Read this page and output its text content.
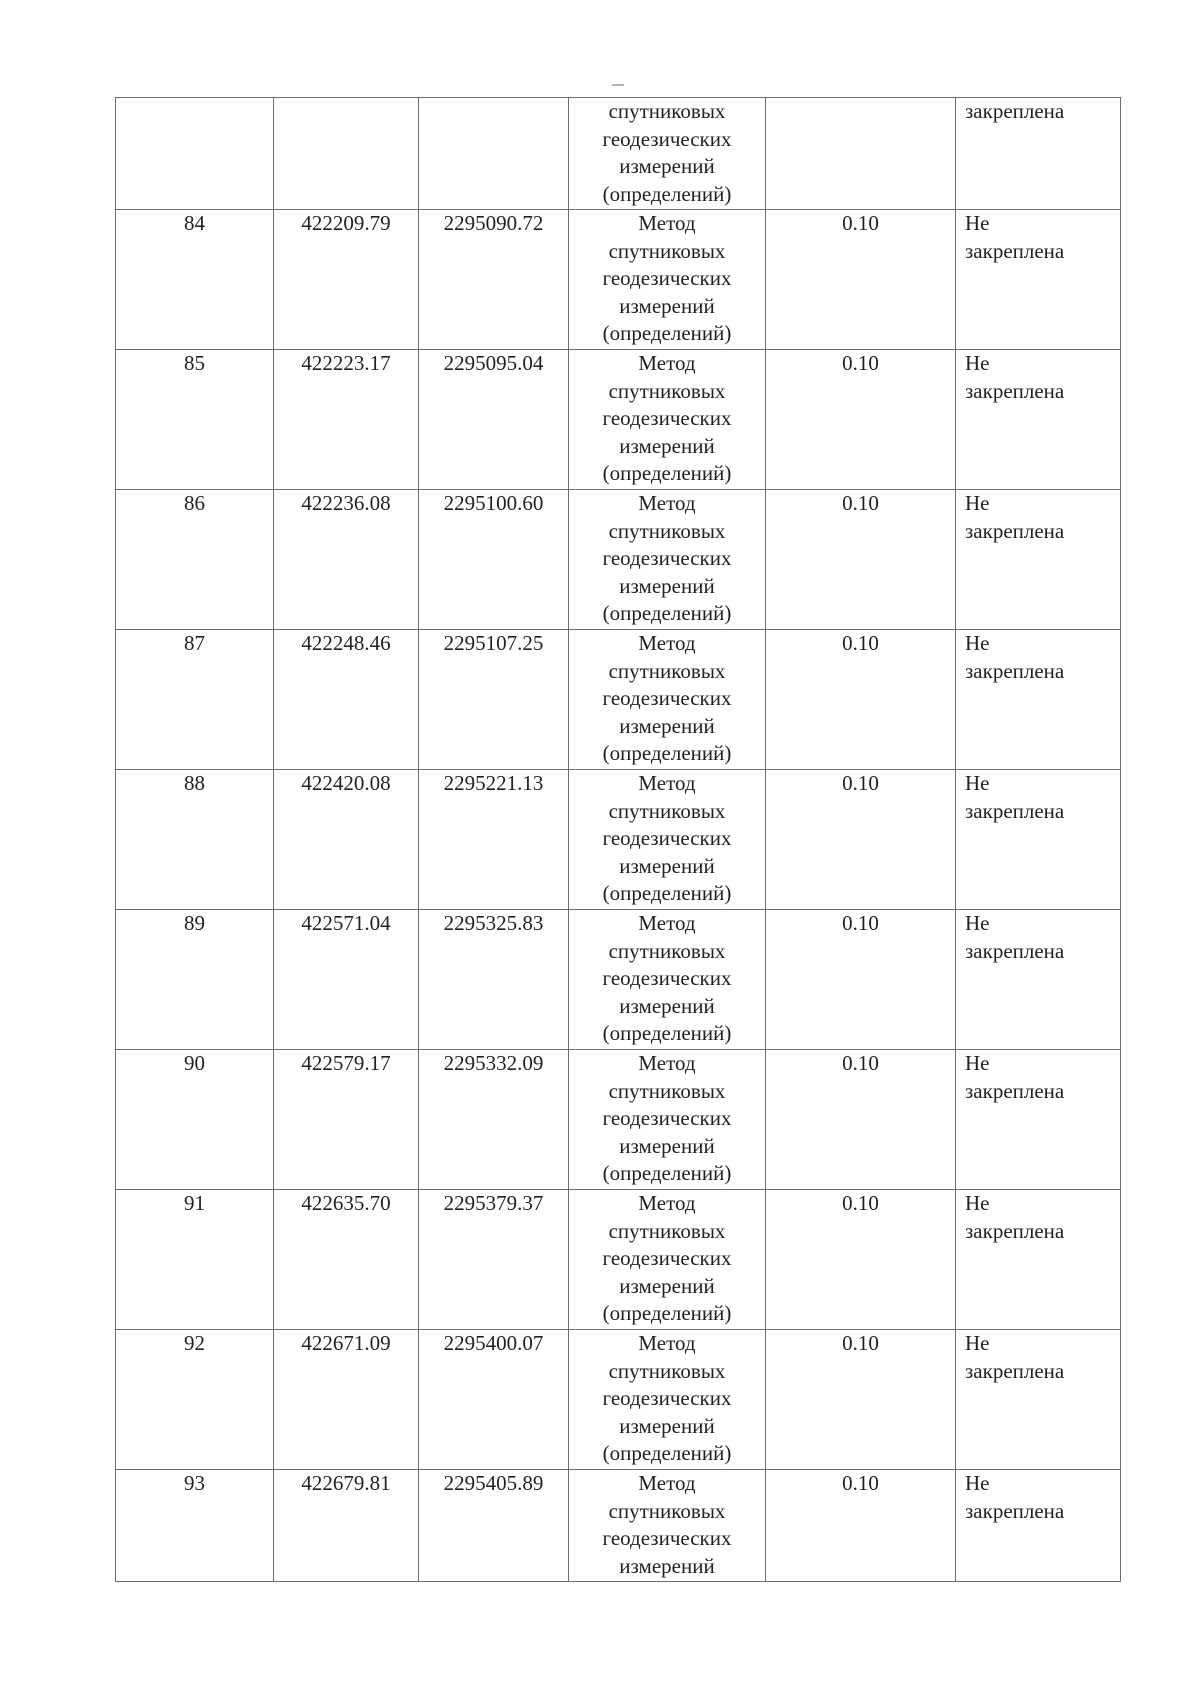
			спутниковых
геодезических
измерений
(определений)		закреплена

84	422209.79	2295090.72	Метод
спутниковых
геодезических
измерений
(определений)	0.10	Не
закреплена

85	422223.17	2295095.04	Метод
спутниковых
геодезических
измерений
(определений)	0.10	Не
закреплена

86	422236.08	2295100.60	Метод
спутниковых
геодезических
измерений
(определений)	0.10	Не
закреплена

87	422248.46	2295107.25	Метод
спутниковых
геодезических
измерений
(определений)	0.10	Не
закреплена

88	422420.08	2295221.13	Метод
спутниковых
геодезических
измерений
(определений)	0.10	Не
закреплена

89	422571.04	2295325.83	Метод
спутниковых
геодезических
измерений
(определений)	0.10	Не
закреплена

90	422579.17	2295332.09	Метод
спутниковых
геодезических
измерений
(определений)	0.10	Не
закреплена

91	422635.70	2295379.37	Метод
спутниковых
геодезических
измерений
(определений)	0.10	Не
закреплена

92	422671.09	2295400.07	Метод
спутниковых
геодезических
измерений
(определений)	0.10	Не
закреплена

93	422679.81	2295405.89	Метод
спутниковых
геодезических
измерений	0.10	Не
закреплена
